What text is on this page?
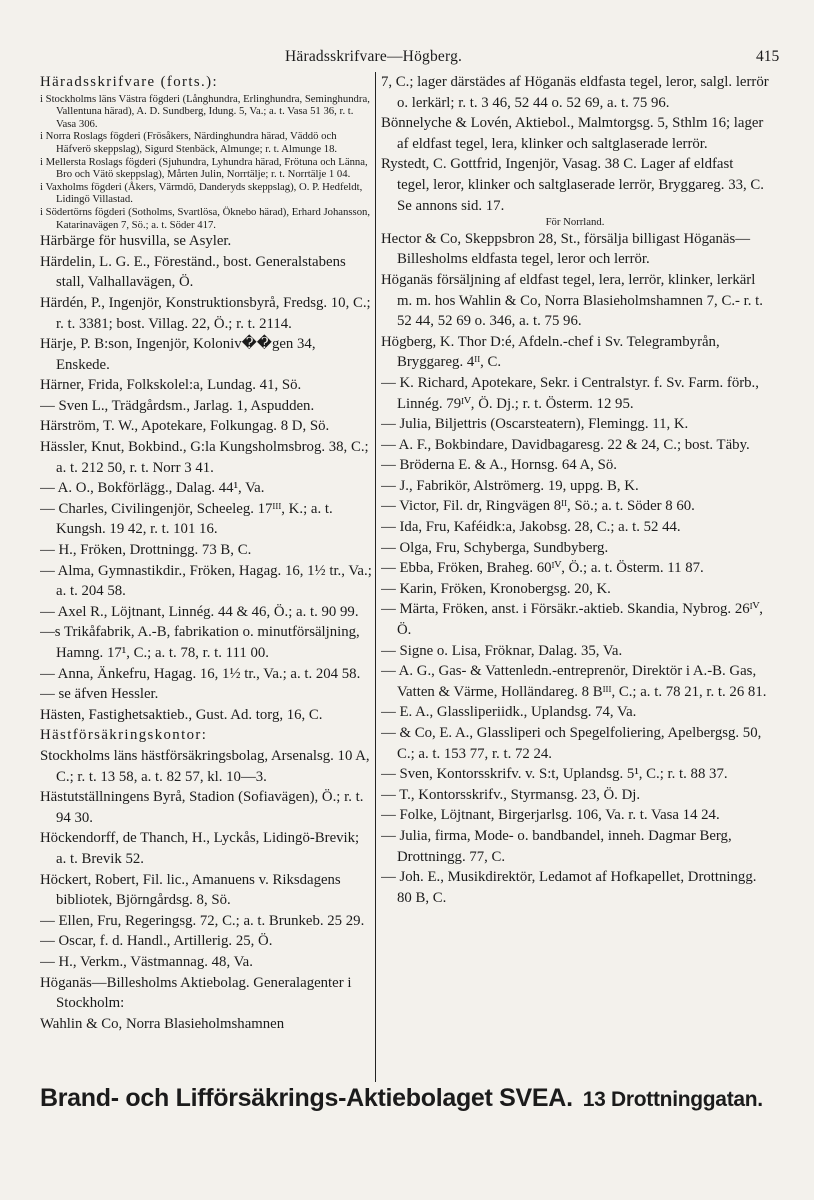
Häradsskrifvare—Högberg.	415

Häradsskrifvare (forts.):

i Stockholms läns Västra fögderi (Långhundra, Erlinghundra, Seminghundra, Vallentuna härad), A. D. Sundberg, Idung. 5, Va.; a. t. Vasa 51 36, r. t. Vasa 306.

i Norra Roslags fögderi (Frösåkers, Närdinghundra härad, Väddö och Häfverö skeppslag), Sigurd Stenbäck, Almunge; r. t. Almunge 18.

i Mellersta Roslags fögderi (Sjuhundra, Lyhundra härad, Frötuna och Länna, Bro och Vätö skeppslag), Mårten Julin, Norrtälje; r. t. Norrtälje 1 04.

i Vaxholms fögderi (Åkers, Värmdö, Danderyds skeppslag), O. P. Hedfeldt, Lidingö Villastad.

i Södertörns fögderi (Sotholms, Svartlösa, Öknebo härad), Erhard Johansson, Katarinavägen 7, Sö.; a. t. Söder 417.

Härbärge för husvilla, se Asyler.

Härdelin, L. G. E., Föreständ., bost. Generalstabens stall, Valhallavägen, Ö.

Härdén, P., Ingenjör, Konstruktionsbyrå, Fredsg. 10, C.; r. t. 3381; bost. Villag. 22, Ö.; r. t. 2114.

Härje, P. B:son, Ingenjör, Koloniv��gen 34, Enskede.

Härner, Frida, Folkskolel:a, Lundag. 41, Sö.

— Sven L., Trädgårdsm., Jarlag. 1, Aspudden.

Härström, T. W., Apotekare, Folkungag. 8 D, Sö.

Hässler, Knut, Bokbind., G:la Kungsholmsbrog. 38, C.; a. t. 212 50, r. t. Norr 3 41.

— A. O., Bokförlägg., Dalag. 44¹, Va.

— Charles, Civilingenjör, Scheeleg. 17ᴵᴵᴵ, K.; a. t. Kungsh. 19 42, r. t. 101 16.

— H., Fröken, Drottningg. 73 B, C.

— Alma, Gymnastikdir., Fröken, Hagag. 16, 1½ tr., Va.; a. t. 204 58.

— Axel R., Löjtnant, Linnég. 44 & 46, Ö.; a. t. 90 99.

—s Trikåfabrik, A.-B, fabrikation o. minutförsäljning, Hamng. 17¹, C.; a. t. 78, r. t. 111 00.

— Anna, Änkefru, Hagag. 16, 1½ tr., Va.; a. t. 204 58.

— se äfven Hessler.

Hästen, Fastighetsaktieb., Gust. Ad. torg, 16, C.

Hästförsäkringskontor:

Stockholms läns hästförsäkringsbolag, Arsenalsg. 10 A, C.; r. t. 13 58, a. t. 82 57, kl. 10—3.

Hästutställningens Byrå, Stadion (Sofiavägen), Ö.; r. t. 94 30.

Höckendorff, de Thanch, H., Lyckås, Lidingö-Brevik; a. t. Brevik 52.

Höckert, Robert, Fil. lic., Amanuens v. Riksdagens bibliotek, Björngårdsg. 8, Sö.

— Ellen, Fru, Regeringsg. 72, C.; a. t. Brunkeb. 25 29.

— Oscar, f. d. Handl., Artillerig. 25, Ö.

— H., Verkm., Västmannag. 48, Va.

Höganäs—Billesholms Aktiebolag. Generalagenter i Stockholm:

Wahlin & Co, Norra Blasieholmshamnen

7, C.; lager därstädes af Höganäs eldfasta tegel, leror, salgl. lerrör o. lerkärl; r. t. 3 46, 52 44 o. 52 69, a. t. 75 96.

Bönnelyche & Lovén, Aktiebol., Malmtorgsg. 5, Sthlm 16; lager af eldfast tegel, lera, klinker och saltglaserade lerrör.

Rystedt, C. Gottfrid, Ingenjör, Vasag. 38 C. Lager af eldfast tegel, leror, klinker och saltglaserade lerrör, Bryggareg. 33, C. Se annons sid. 17.

För Norrland.

Hector & Co, Skeppsbron 28, St., försälja billigast Höganäs—Billesholms eldfasta tegel, leror och lerrör.

Höganäs försäljning af eldfast tegel, lera, lerrör, klinker, lerkärl m. m. hos Wahlin & Co, Norra Blasieholmshamnen 7, C.- r. t. 52 44, 52 69 o. 346, a. t. 75 96.

Högberg, K. Thor D:é, Afdeln.-chef i Sv. Telegrambyrån, Bryggareg. 4ᴵᴵ, C.

— K. Richard, Apotekare, Sekr. i Centralstyr. f. Sv. Farm. förb., Linnég. 79ᴵⱽ, Ö. Dj.; r. t. Österm. 12 95.

— Julia, Biljettris (Oscarsteatern), Flemingg. 11, K.

— A. F., Bokbindare, Davidbagaresg. 22 & 24, C.; bost. Täby.

— Bröderna E. & A., Hornsg. 64 A, Sö.

— J., Fabrikör, Alströmerg. 19, uppg. B, K.

— Victor, Fil. dr, Ringvägen 8ᴵᴵ, Sö.; a. t. Söder 8 60.

— Ida, Fru, Kaféidk:a, Jakobsg. 28, C.; a. t. 52 44.

— Olga, Fru, Schyberga, Sundbyberg.

— Ebba, Fröken, Braheg. 60ᴵⱽ, Ö.; a. t. Österm. 11 87.

— Karin, Fröken, Kronobergsg. 20, K.

— Märta, Fröken, anst. i Försäkr.-aktieb. Skandia, Nybrog. 26ᴵⱽ, Ö.

— Signe o. Lisa, Fröknar, Dalag. 35, Va.

— A. G., Gas- & Vattenledn.-entreprenör, Direktör i A.-B. Gas, Vatten & Värme, Holländareg. 8 Bᴵᴵᴵ, C.; a. t. 78 21, r. t. 26 81.

— E. A., Glassliperiidk., Uplandsg. 74, Va.

— & Co, E. A., Glassliperi och Spegelfoliering, Apelbergsg. 50, C.; a. t. 153 77, r. t. 72 24.

— Sven, Kontorsskrifv. v. S:t, Uplandsg. 5¹, C.; r. t. 88 37.

— T., Kontorsskrifv., Styrmansg. 23, Ö. Dj.

— Folke, Löjtnant, Birgerjarlsg. 106, Va. r. t. Vasa 14 24.

— Julia, firma, Mode- o. bandbandel, inneh. Dagmar Berg, Drottningg. 77, C.

— Joh. E., Musikdirektör, Ledamot af Hofkapellet, Drottningg. 80 B, C.

Brand- och Lifförsäkrings-Aktiebolaget SVEA. 13 Drottninggatan.
